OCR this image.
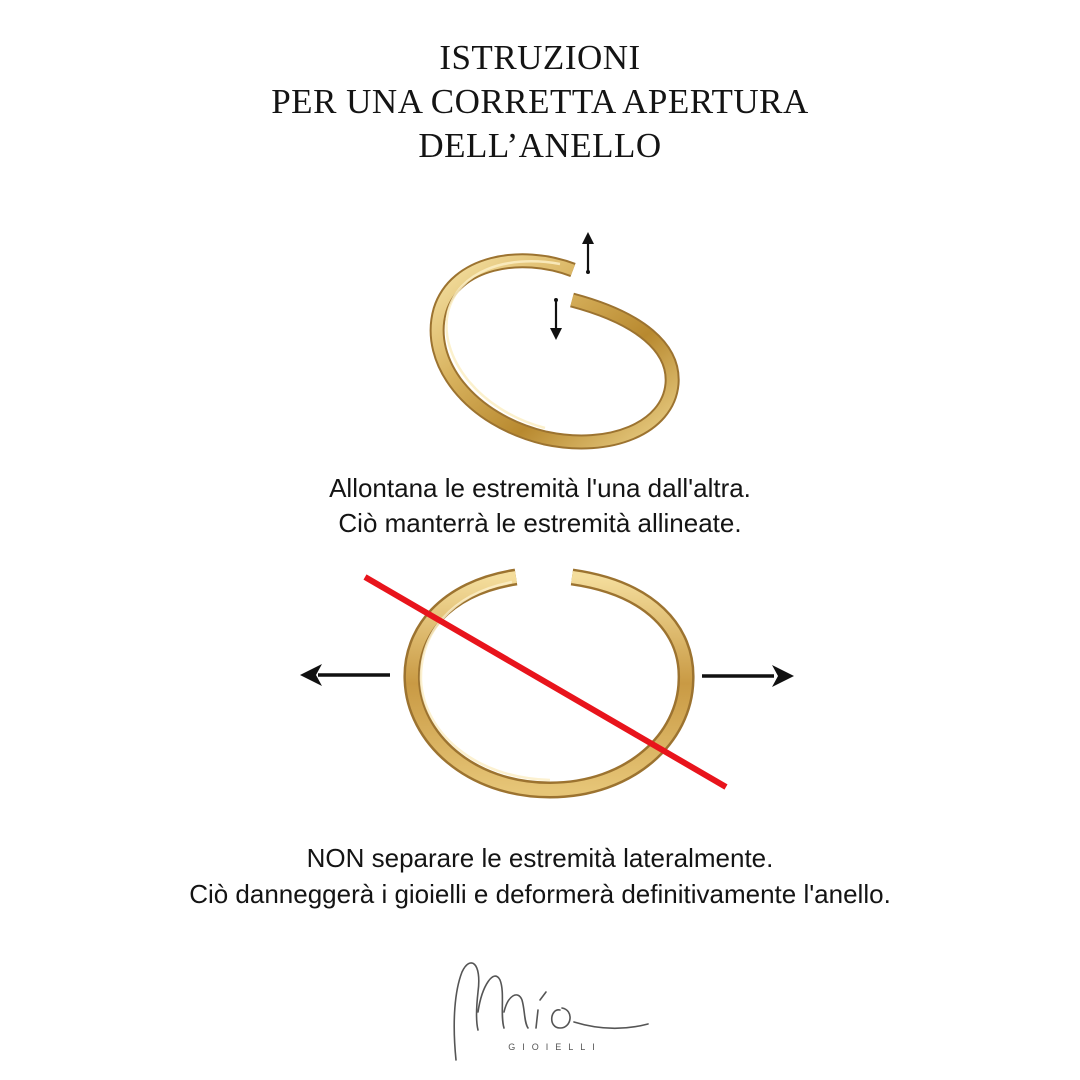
ISTRUZIONI
PER UNA CORRETTA APERTURA
DELL’ANELLO
Allontana le estremità l'una dall'altra.
Ciò manterrà le estremità allineate.
NON separare le estremità lateralmente.
Ciò danneggerà i gioielli e deformerà definitivamente l'anello.
GIOIELLI
